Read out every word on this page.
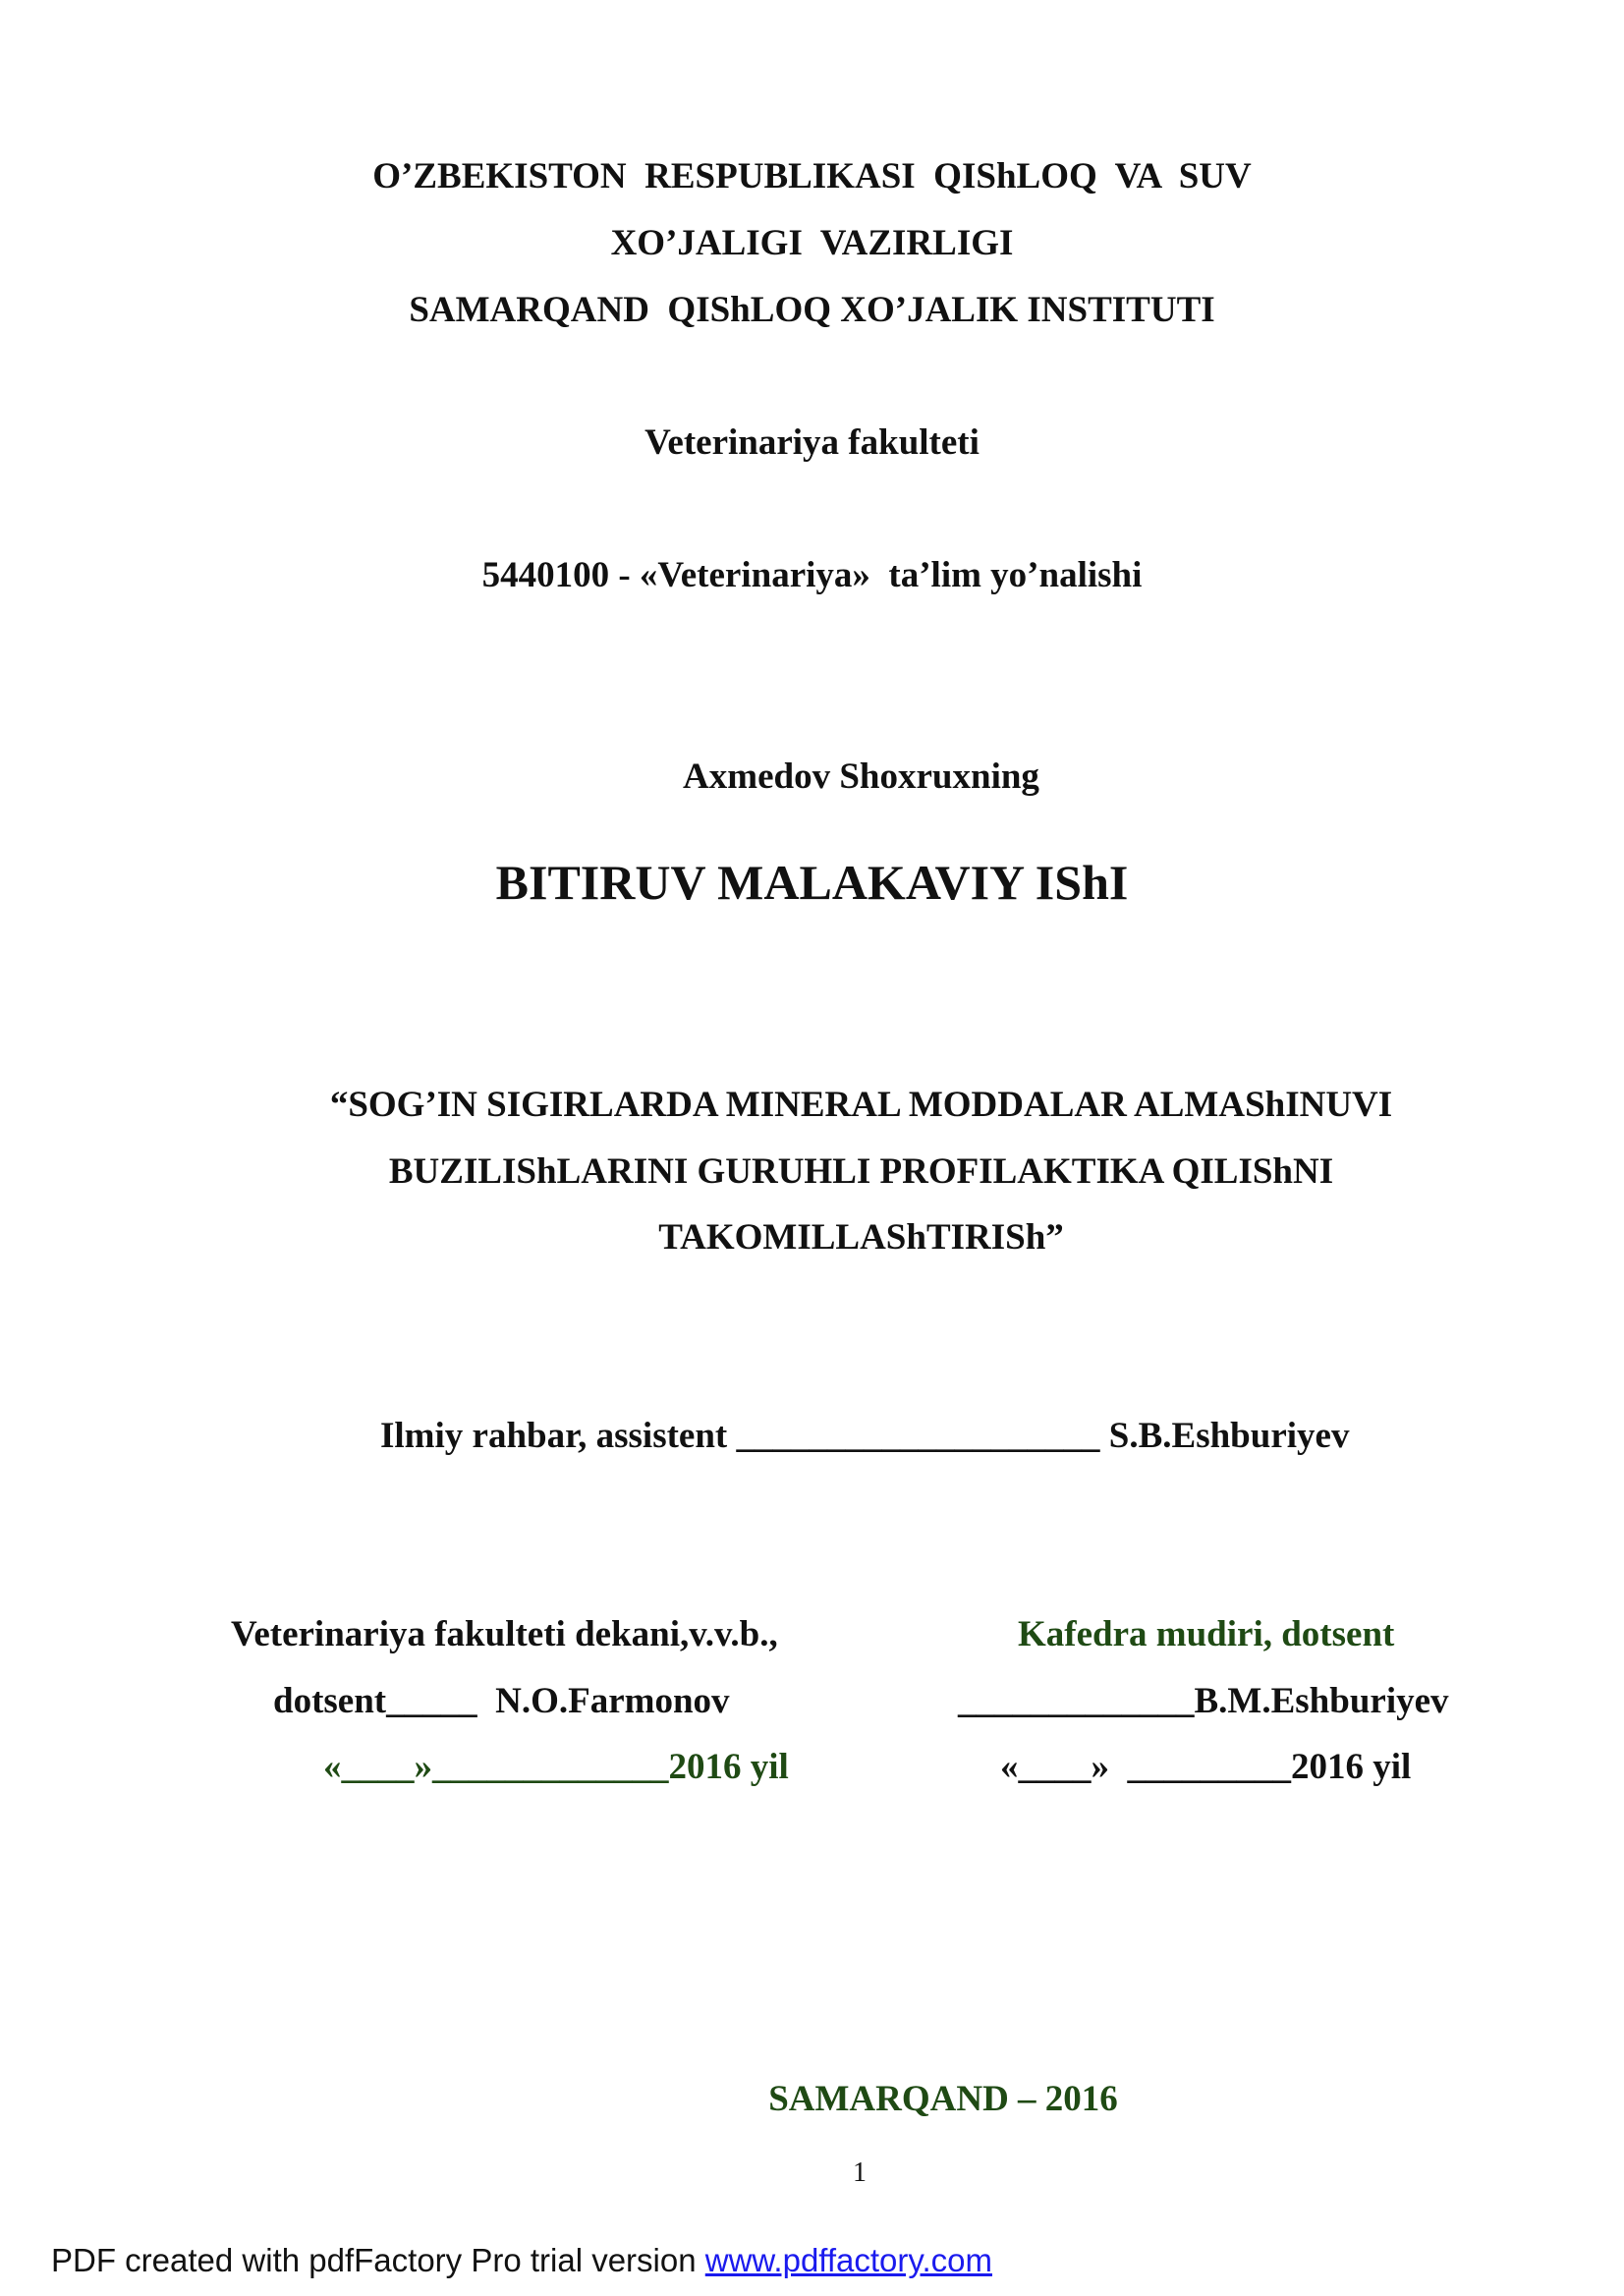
O’ZBEKISTON  RESPUBLIKASI  QIShLOQ  VA  SUV
XO’JALIGI  VAZIRLIGI
SAMARQAND  QIShLOQ XO’JALIK INSTITUTI
Veterinariya fakulteti
5440100 - «Veterinariya»  ta’lim yo’nalishi
Axmedov Shoxruxning
BITIRUV MALAKAVIY IShI
“SOG’IN SIGIRLARDA MINERAL MODDALAR ALMAShINUVI
BUZILIShLARINI GURUHLI PROFILAKTIKA QILIShNI
TAKOMILLAShTIRISh”
Ilmiy rahbar, assistent ____________________ S.B.Eshburiyev
Veterinariya fakulteti dekani,v.v.b.,
dotsent_____  N.O.Farmonov
«____»_____________2016 yil
Kafedra mudiri, dotsent
_____________B.M.Eshburiyev
«____»  _________2016 yil
SAMARQAND – 2016
1
PDF created with pdfFactory Pro trial version www.pdffactory.com
